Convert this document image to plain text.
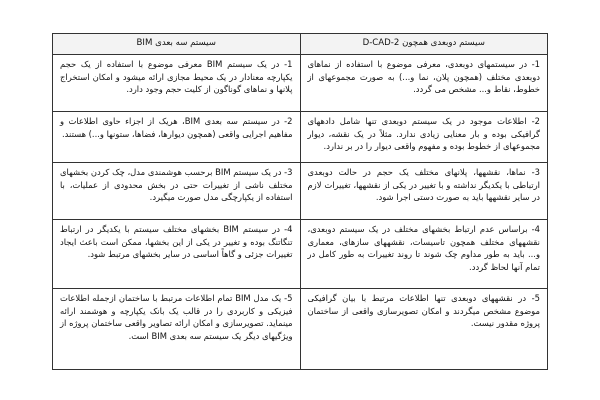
سیستم سه بعدی BIM	سیستم دوبعدی همچون 2-D-CAD
1- در یک سیستم BIM معرفی موضوع با استفاده از یک حجم یکپارچه معنادار در یک محیط مجازی ارائه میشود و امکان استخراج پلانها و نماهای گوناگون از کلیت حجم وجود دارد.	1- در سیستمهای دوبعدی، معرفی موضوع با استفاده از نماهای دوبعدی مختلف (همچون پلان، نما و...) به صورت مجموعهای از خطوط، نقاط و... مشخص می گردد.
2- در سیستم سه بعدی BIM، هریک از اجزاء حاوی اطلاعات و مفاهیم اجرایی واقعی (همچون دیوارها، فضاها، ستونها و...) هستند.	2- اطلاعات موجود در یک سیستم دوبعدی تنها شامل دادههای گرافیکی بوده و بار معنایی زیادی ندارد. مثلاً در یک نقشه، دیوار مجموعهای از خطوط بوده و مفهوم واقعی دیوار را در بر ندارد.
3- در یک سیستم BIM برحسب هوشمندی مدل، چک کردن بخشهای مختلف ناشی از تغییرات حتی در بخش محدودی از عملیات، با استفاده از یکپارچگی مدل صورت میگیرد.	3- نماها، نقشهها، پلانهای مختلف یک حجم در حالت دوبعدی ارتباطی با یکدیگر نداشته و با تغییر در یکی از نقشهها، تغییرات لازم در سایر نقشهها باید به صورت دستی اجرا شود.
4- در سیستم BIM بخشهای مختلف سیستم با یکدیگر در ارتباط تنگاتنگ بوده و تغییر در یکی از این بخشها، ممکن است باعث ایجاد تغییرات جزئی و گاهاً اساسی در سایر بخشهای مرتبط شود.	4- براساس عدم ارتباط بخشهای مختلف در یک سیستم دوبعدی، نقشههای مختلف همچون تاسیسات، نقشههای سازهای، معماری و... باید به طور مداوم چک شوند تا روند تغییرات به طور کامل در تمام آنها لحاظ گردد.
5- یک مدل BIM تمام اطلاعات مرتبط با ساختمان ازجمله اطلاعات فیزیکی و کاربردی را در قالب یک بانک یکپارچه و هوشمند ارائه مینماید. تصویرسازی و امکان ارائه تصاویر واقعی ساختمان پروژه از ویژگیهای دیگر یک سیستم سه بعدی BIM است.	5- در نقشههای دوبعدی تنها اطلاعات مرتبط با بیان گرافیکی موضوع مشخص میگردند و امکان تصویرسازی واقعی از ساختمان پروژه مقدور نیست.
